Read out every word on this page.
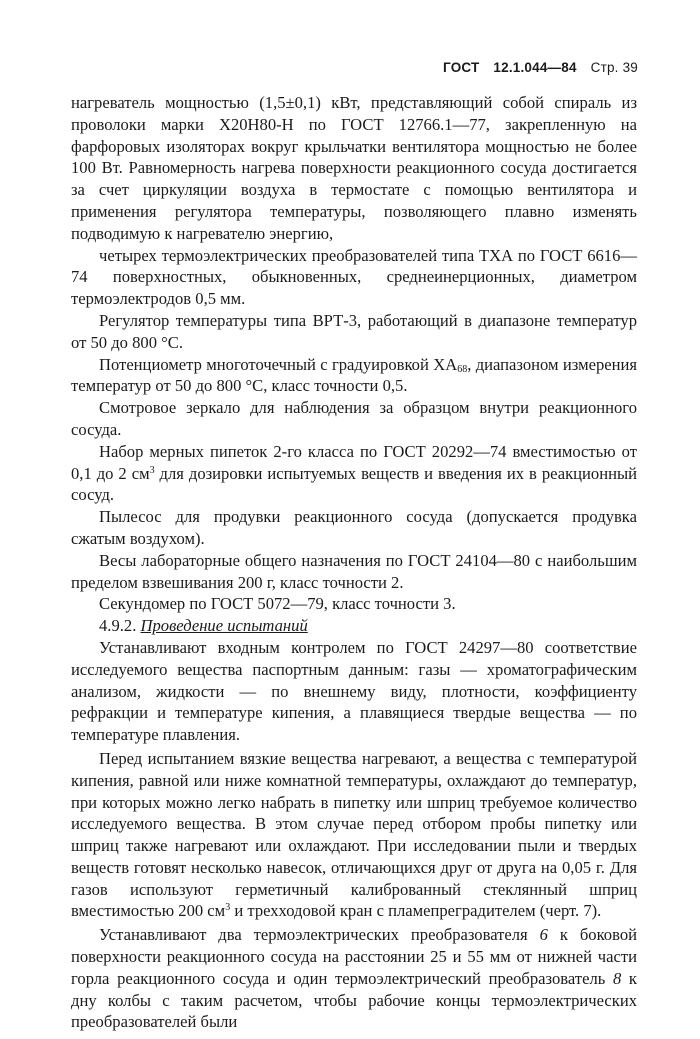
ГОСТ 12.1.044—84 Стр. 39

нагреватель мощностью (1,5±0,1) кВт, представляющий собой спираль из проволоки марки Х20Н80-Н по ГОСТ 12766.1—77, закрепленную на фарфоровых изоляторах вокруг крыльчатки вентилятора мощностью не более 100 Вт. Равномерность нагрева поверхности реакционного сосуда достигается за счет циркуляции воздуха в термостате с помощью вентилятора и применения регулятора температуры, позволяющего плавно изменять подводимую к нагревателю энергию,

четырех термоэлектрических преобразователей типа ТХА по ГОСТ 6616—74 поверхностных, обыкновенных, среднеинерционных, диаметром термоэлектродов 0,5 мм.

Регулятор температуры типа ВРТ-3, работающий в диапазоне температур от 50 до 800 °С.

Потенциометр многоточечный с градуировкой $ХА_{68}$, диапазоном измерения температур от 50 до 800 °С, класс точности 0,5.

Смотровое зеркало для наблюдения за образцом внутри реакционного сосуда.

Набор мерных пипеток 2-го класса по ГОСТ 20292—74 вместимостью от 0,1 до 2 $см^3$ для дозировки испытуемых веществ и введения их в реакционный сосуд.

Пылесос для продувки реакционного сосуда (допускается продувка сжатым воздухом).

Весы лабораторные общего назначения по ГОСТ 24104—80 с наибольшим пределом взвешивания 200 г, класс точности 2.

Секундомер по ГОСТ 5072—79, класс точности 3.

4.9.2. Проведение испытаний

Устанавливают входным контролем по ГОСТ 24297—80 соответствие исследуемого вещества паспортным данным: газы — хроматографическим анализом, жидкости — по внешнему виду, плотности, коэффициенту рефракции и температуре кипения, а плавящиеся твердые вещества — по температуре плавления.

Перед испытанием вязкие вещества нагревают, а вещества с температурой кипения, равной или ниже комнатной температуры, охлаждают до температур, при которых можно легко набрать в пипетку или шприц требуемое количество исследуемого вещества. В этом случае перед отбором пробы пипетку или шприц также нагревают или охлаждают. При исследовании пыли и твердых веществ готовят несколько навесок, отличающихся друг от друга на 0,05 г. Для газов используют герметичный калиброванный стеклянный шприц вместимостью 200 $см^3$ и трехходовой кран с пламепреградителем (черт. 7).

Устанавливают два термоэлектрических преобразователя 6 к боковой поверхности реакционного сосуда на расстоянии 25 и 55 мм от нижней части горла реакционного сосуда и один термоэлектрический преобразователь 8 к дну колбы с таким расчетом, чтобы рабочие концы термоэлектрических преобразователей были
